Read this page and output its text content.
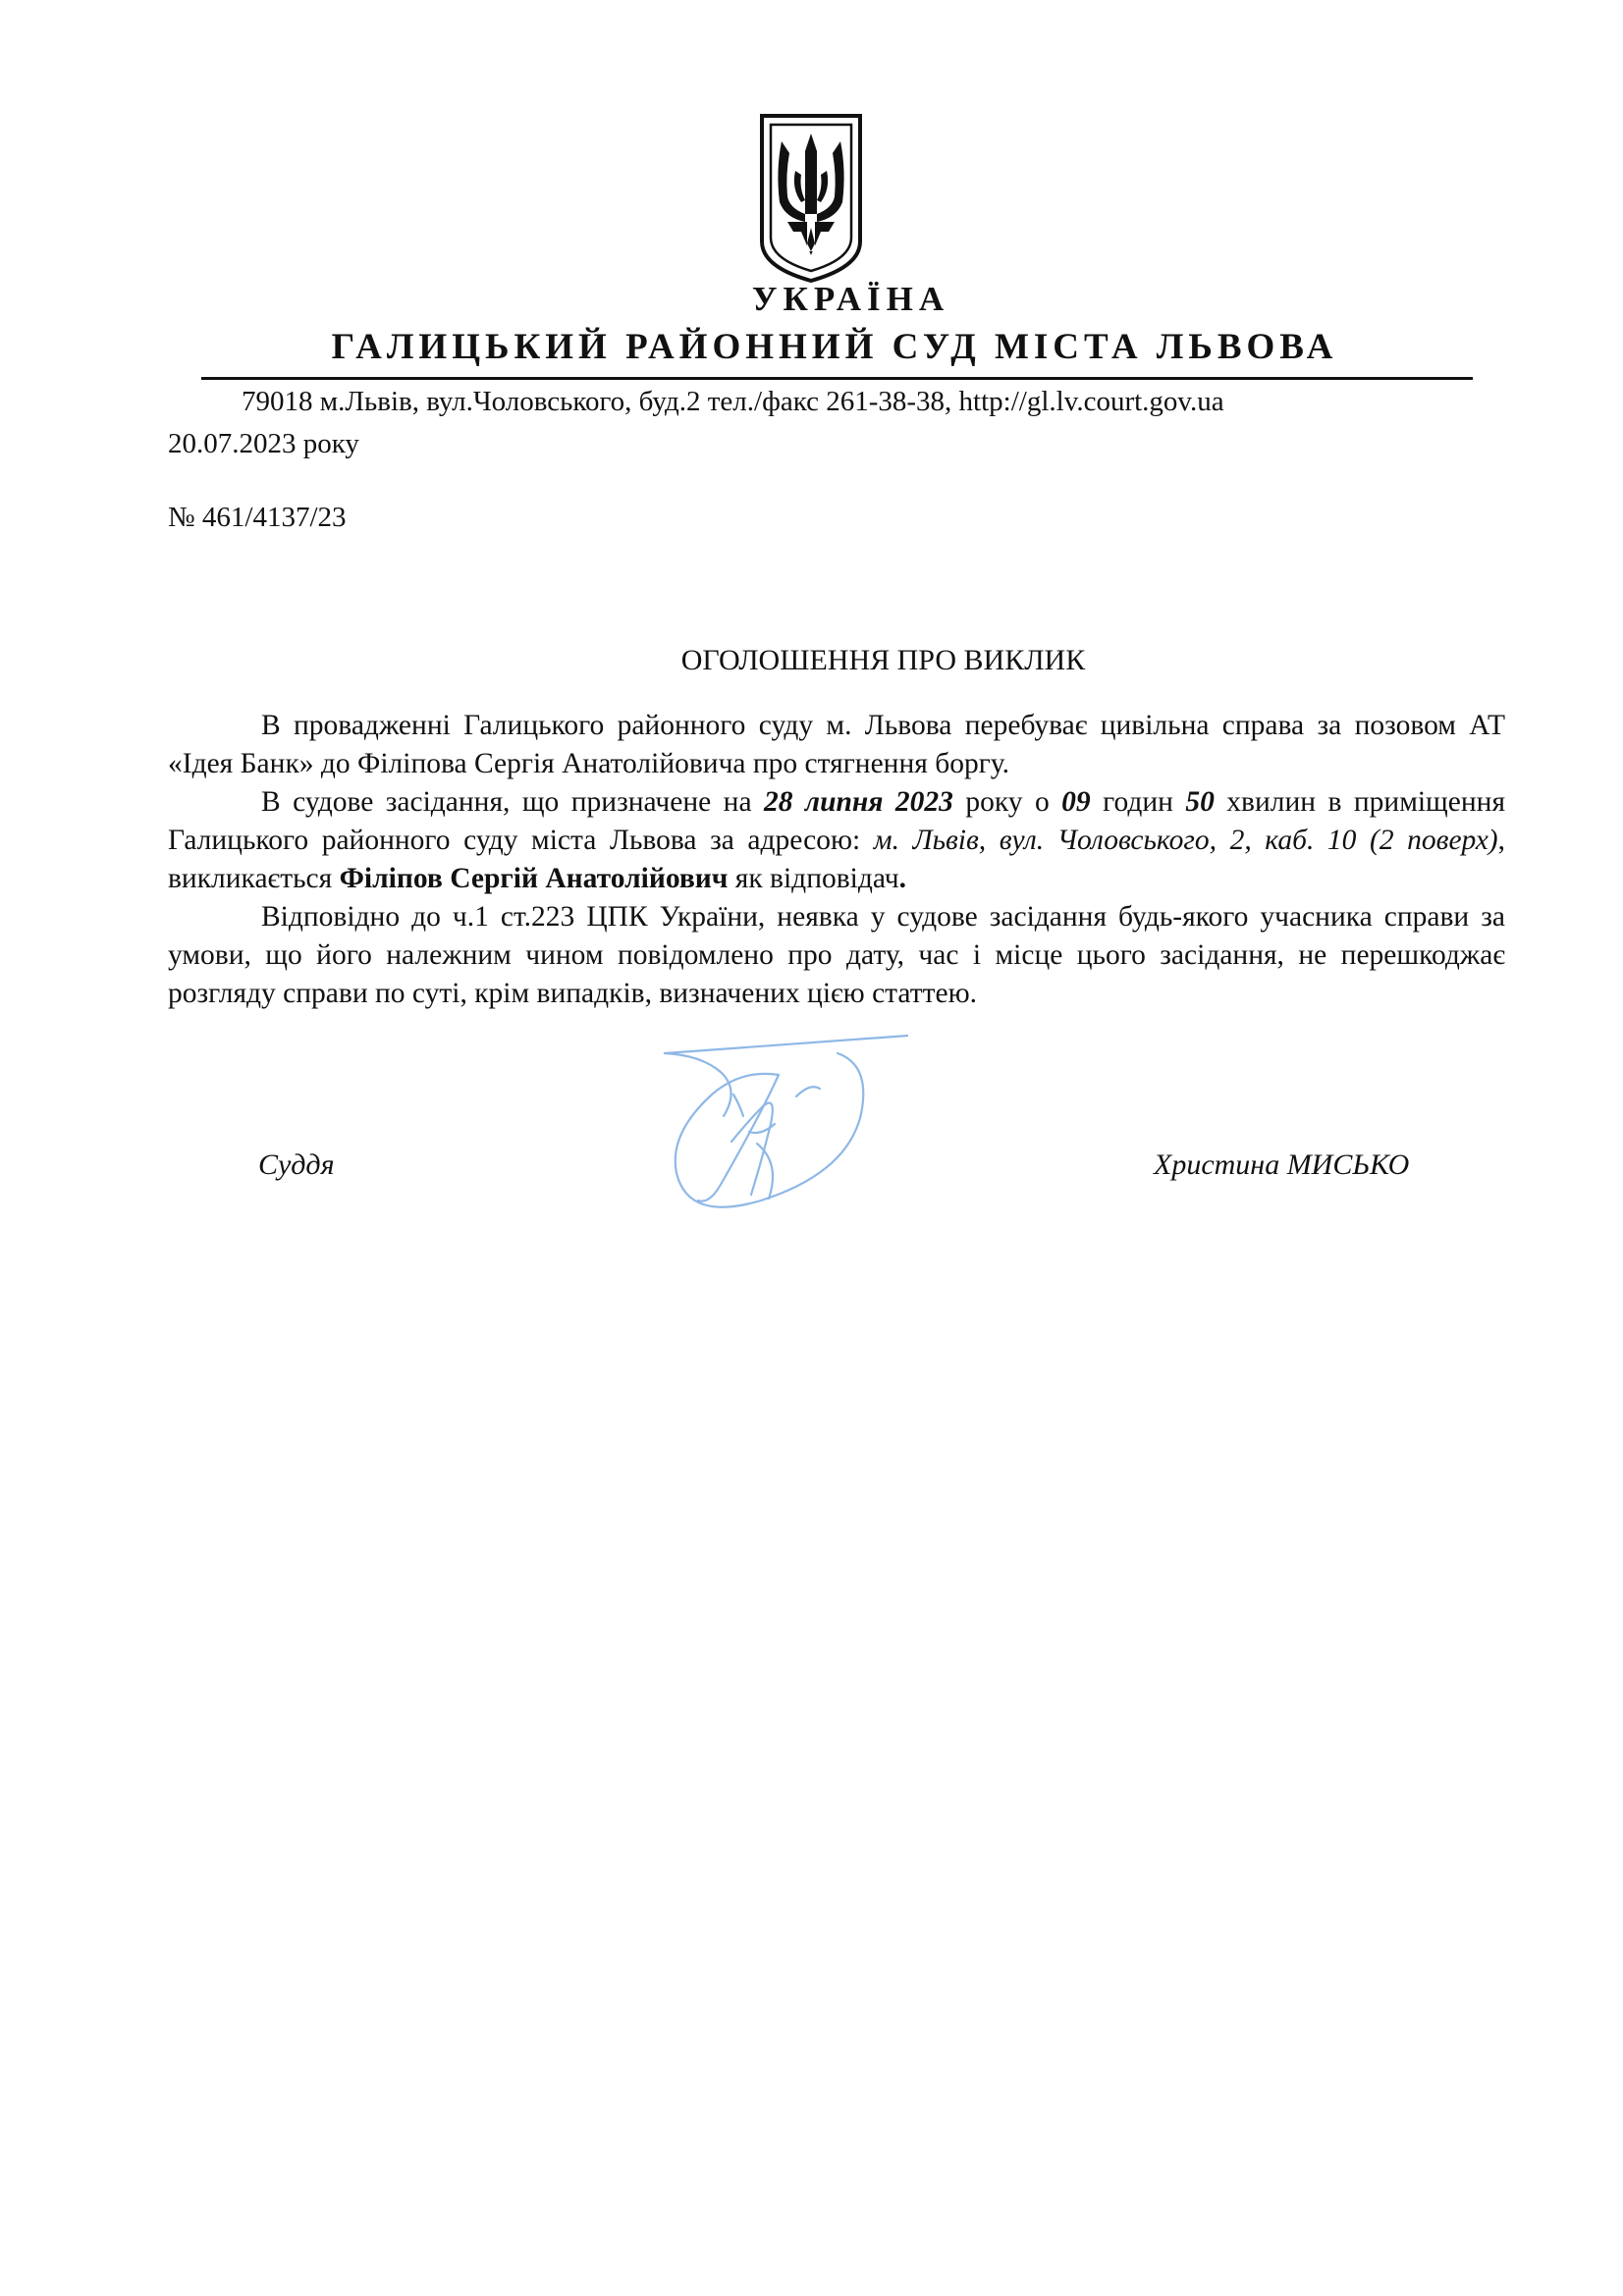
УКРАЇНА
ГАЛИЦЬКИЙ РАЙОННИЙ СУД МІСТА ЛЬВОВА
79018 м.Львів, вул.Чоловського, буд.2 тел./факс 261-38-38, http://gl.lv.court.gov.ua
20.07.2023 року
№ 461/4137/23
ОГОЛОШЕННЯ ПРО ВИКЛИК

В провадженні Галицького районного суду м. Львова перебуває цивільна справа за позовом АТ «Ідея Банк» до Філіпова Сергія Анатолійовича про стягнення боргу.

В судове засідання, що призначене на 28 липня 2023 року о 09 годин 50 хвилин в приміщення Галицького районного суду міста Львова за адресою: м. Львів, вул. Чоловського, 2, каб. 10 (2 поверх), викликається Філіпов Сергій Анатолійович як відповідач.

Відповідно до ч.1 ст.223 ЦПК України, неявка у судове засідання будь-якого учасника справи за умови, що його належним чином повідомлено про дату, час і місце цього засідання, не перешкоджає розгляду справи по суті, крім випадків, визначених цією статтею.

Суддя	Христина МИСЬКО
